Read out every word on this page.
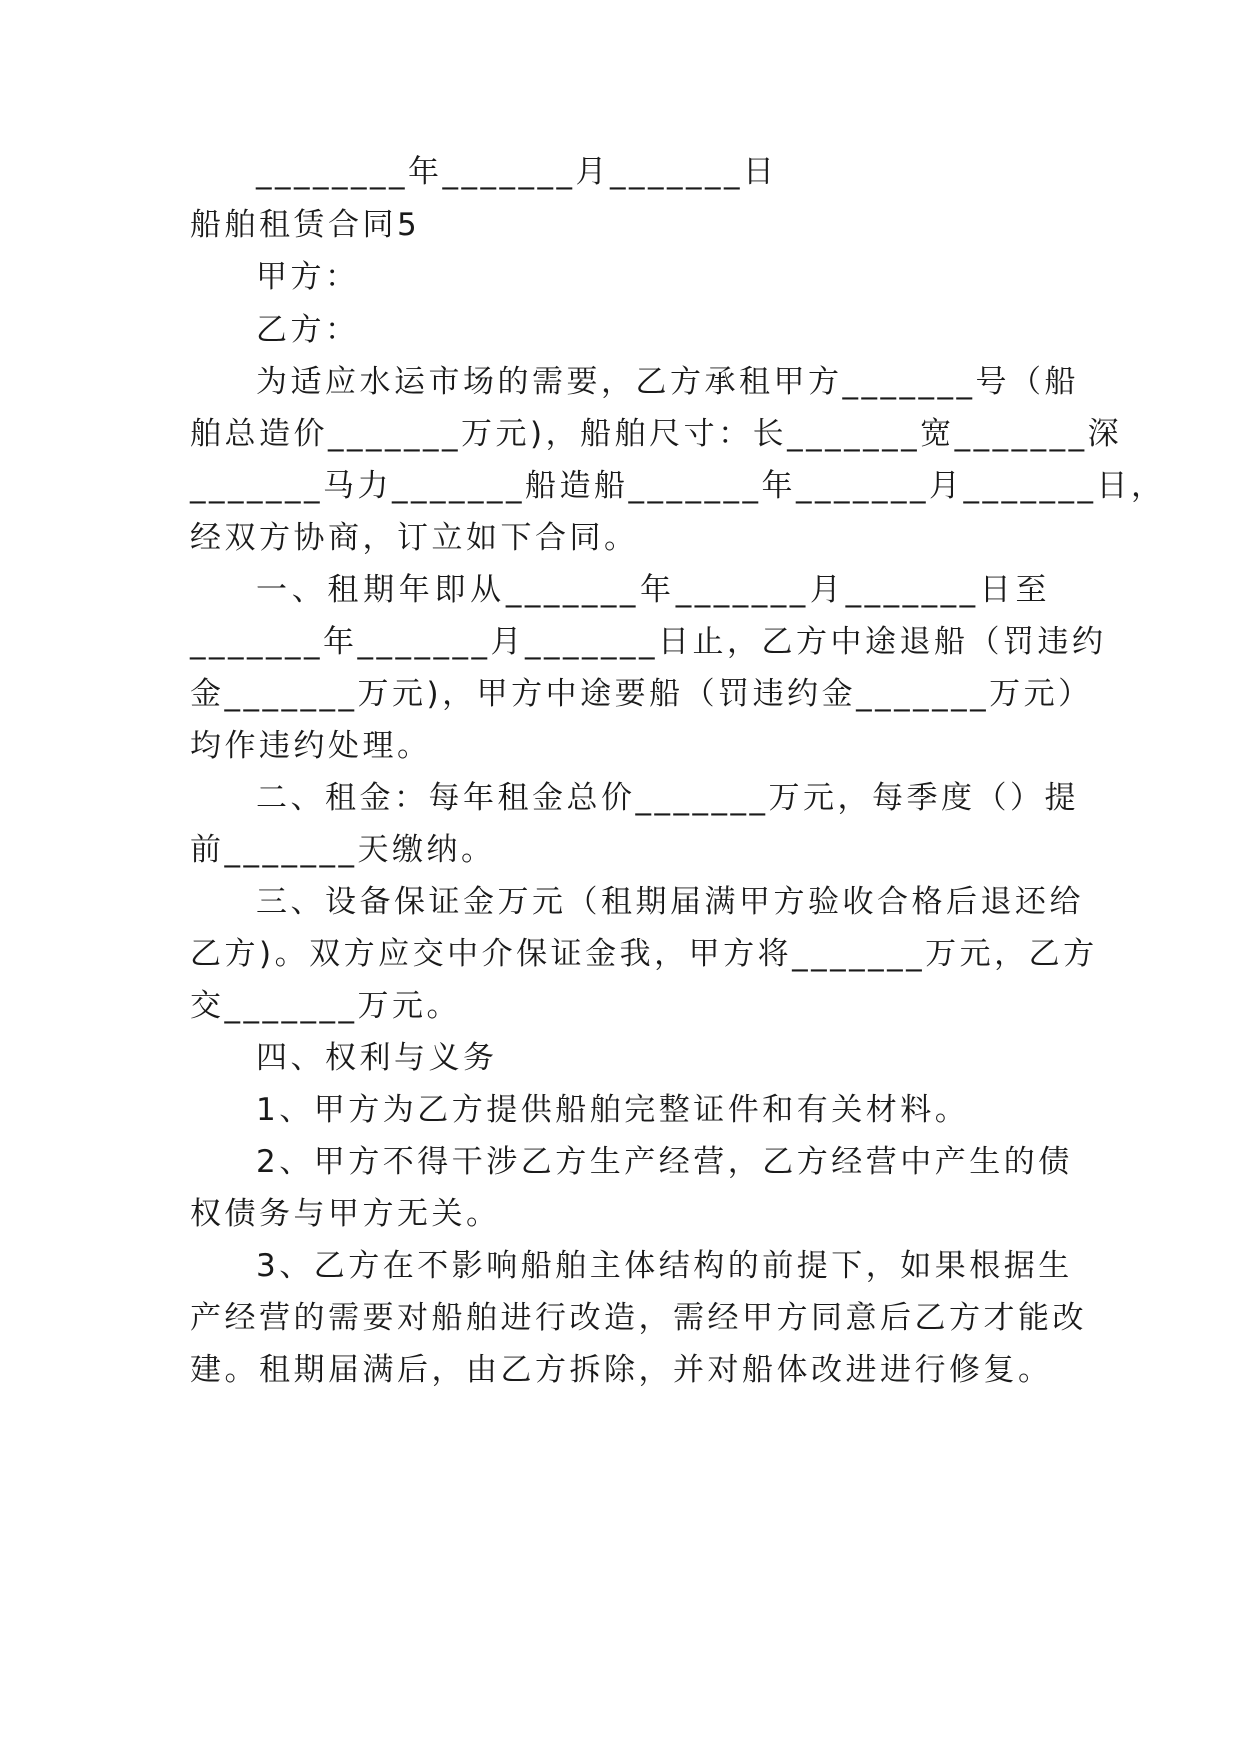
________年_______月_______日
船舶租赁合同5
甲方：
乙方：
为适应水运市场的需要，乙方承租甲方_______号（船
舶总造价_______万元)，船舶尺寸：长_______宽_______深
_______马力_______船造船_______年_______月_______日，
经双方协商，订立如下合同。
一、租期年即从_______年_______月_______日至
_______年_______月_______日止，乙方中途退船（罚违约
金_______万元)，甲方中途要船（罚违约金_______万元）
均作违约处理。
二、租金：每年租金总价_______万元，每季度（）提
前_______天缴纳。
三、设备保证金万元（租期届满甲方验收合格后退还给
乙方)。双方应交中介保证金我，甲方将_______万元，乙方
交_______万元。
四、权利与义务
1、甲方为乙方提供船舶完整证件和有关材料。
2、甲方不得干涉乙方生产经营，乙方经营中产生的债
权债务与甲方无关。
3、乙方在不影响船舶主体结构的前提下，如果根据生
产经营的需要对船舶进行改造，需经甲方同意后乙方才能改
建。租期届满后，由乙方拆除，并对船体改进进行修复。
